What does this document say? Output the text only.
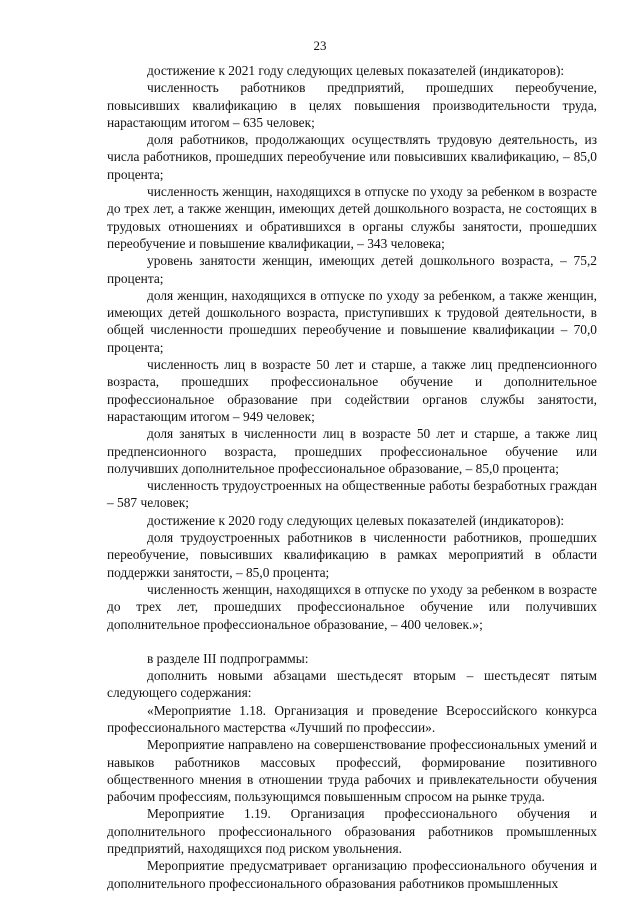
23

достижение к 2021 году следующих целевых показателей (индикаторов):

численность работников предприятий, прошедших переобучение, повысивших квалификацию в целях повышения производительности труда, нарастающим итогом – 635 человек;

доля работников, продолжающих осуществлять трудовую деятельность, из числа работников, прошедших переобучение или повысивших квалификацию, – 85,0 процента;

численность женщин, находящихся в отпуске по уходу за ребенком в возрасте до трех лет, а также женщин, имеющих детей дошкольного возраста, не состоящих в трудовых отношениях и обратившихся в органы службы занятости, прошедших переобучение и повышение квалификации, – 343 человека;

уровень занятости женщин, имеющих детей дошкольного возраста, – 75,2 процента;

доля женщин, находящихся в отпуске по уходу за ребенком, а также женщин, имеющих детей дошкольного возраста, приступивших к трудовой деятельности, в общей численности прошедших переобучение и повышение квалификации – 70,0 процента;

численность лиц в возрасте 50 лет и старше, а также лиц предпенсионного возраста, прошедших профессиональное обучение и дополнительное профессиональное образование при содействии органов службы занятости, нарастающим итогом – 949 человек;

доля занятых в численности лиц в возрасте 50 лет и старше, а также лиц предпенсионного возраста, прошедших профессиональное обучение или получивших дополнительное профессиональное образование, – 85,0 процента;

численность трудоустроенных на общественные работы безработных граждан – 587 человек;

достижение к 2020 году следующих целевых показателей (индикаторов):

доля трудоустроенных работников в численности работников, прошедших переобучение, повысивших квалификацию в рамках мероприятий в области поддержки занятости, – 85,0 процента;

численность женщин, находящихся в отпуске по уходу за ребенком в возрасте до трех лет, прошедших профессиональное обучение или получивших дополнительное профессиональное образование, – 400 человек.»;

в разделе III подпрограммы:

дополнить новыми абзацами шестьдесят вторым – шестьдесят пятым следующего содержания:

«Мероприятие 1.18. Организация и проведение Всероссийского конкурса профессионального мастерства «Лучший по профессии».

Мероприятие направлено на совершенствование профессиональных умений и навыков работников массовых профессий, формирование позитивного общественного мнения в отношении труда рабочих и привлекательности обучения рабочим профессиям, пользующимся повышенным спросом на рынке труда.

Мероприятие 1.19. Организация профессионального обучения и дополнительного профессионального образования работников промышленных предприятий, находящихся под риском увольнения.

Мероприятие предусматривает организацию профессионального обучения и дополнительного профессионального образования работников промышленных
